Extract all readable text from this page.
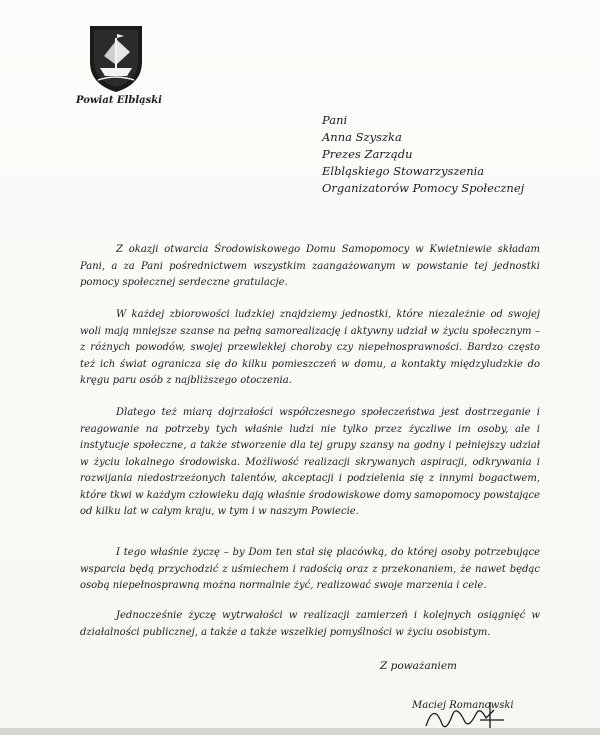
Powiat Elbląski
Pani
Anna Szyszka
Prezes Zarządu
Elbląskiego Stowarzyszenia
Organizatorów Pomocy Społecznej

Z okazji otwarcia Środowiskowego Domu Samopomocy w Kwietniewie składam Pani, a za Pani pośrednictwem wszystkim zaangażowanym w powstanie tej jednostki pomocy społecznej serdeczne gratulacje.

W każdej zbiorowości ludzkiej znajdziemy jednostki, które niezależnie od swojej woli mają mniejsze szanse na pełną samorealizację i aktywny udział w życiu społecznym – z różnych powodów, swojej przewlekłej choroby czy niepełnosprawności. Bardzo często też ich świat ogranicza się do kilku pomieszczeń w domu, a kontakty międzyludzkie do kręgu paru osób z najbliższego otoczenia.

Dlatego też miarą dojrzałości współczesnego społeczeństwa jest dostrzeganie i reagowanie na potrzeby tych właśnie ludzi nie tylko przez życzliwe im osoby, ale i instytucje społeczne, a także stworzenie dla tej grupy szansy na godny i pełniejszy udział w życiu lokalnego środowiska. Możliwość realizacji skrywanych aspiracji, odkrywania i rozwijania niedostrzeżonych talentów, akceptacji i podzielenia się z innymi bogactwem, które tkwi w każdym człowieku dają właśnie środowiskowe domy samopomocy powstające od kilku lat w całym kraju, w tym i w naszym Powiecie.

I tego właśnie życzę – by Dom ten stał się placówką, do której osoby potrzebujące wsparcia będą przychodzić z uśmiechem i radością oraz z przekonaniem, że nawet będąc osobą niepełnosprawną można normalnie żyć, realizować swoje marzenia i cele.

Jednocześnie życzę wytrwałości w realizacji zamierzeń i kolejnych osiągnięć w działalności publicznej, a także a także wszelkiej pomyślności w życiu osobistym.

Z poważaniem
Maciej Romanowski
